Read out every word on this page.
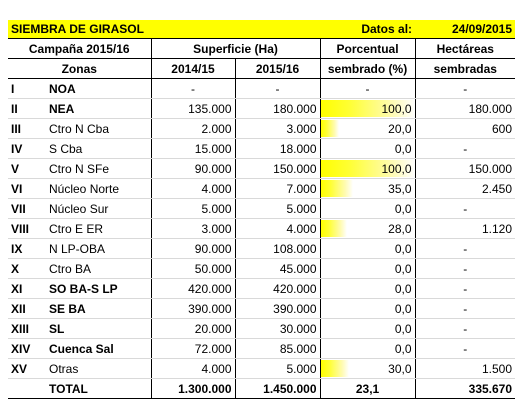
SIEMBRA DE GIRASOL				Datos al:	24/09/2015
Campaña 2015/16		Superficie (Ha)		Porcentual	Hectáreas
Zonas		2014/15	2015/16	sembrado (%)	sembradas
I	NOA	-	-	-	-
II	NEA	135.000	180.000	100,0	180.000
III	Ctro N Cba	2.000	3.000	20,0	600
IV	S Cba	15.000	18.000	0,0	-
V	Ctro N SFe	90.000	150.000	100,0	150.000
VI	Núcleo Norte	4.000	7.000	35,0	2.450
VII	Núcleo Sur	5.000	5.000	0,0	-
VIII	Ctro E ER	3.000	4.000	28,0	1.120
IX	N LP-OBA	90.000	108.000	0,0	-
X	Ctro BA	50.000	45.000	0,0	-
XI	SO BA-S LP	420.000	420.000	0,0	-
XII	SE BA	390.000	390.000	0,0	-
XIII	SL	20.000	30.000	0,0	-
XIV	Cuenca Sal	72.000	85.000	0,0	-
XV	Otras	4.000	5.000	30,0	1.500
	TOTAL	1.300.000	1.450.000	23,1	335.670
